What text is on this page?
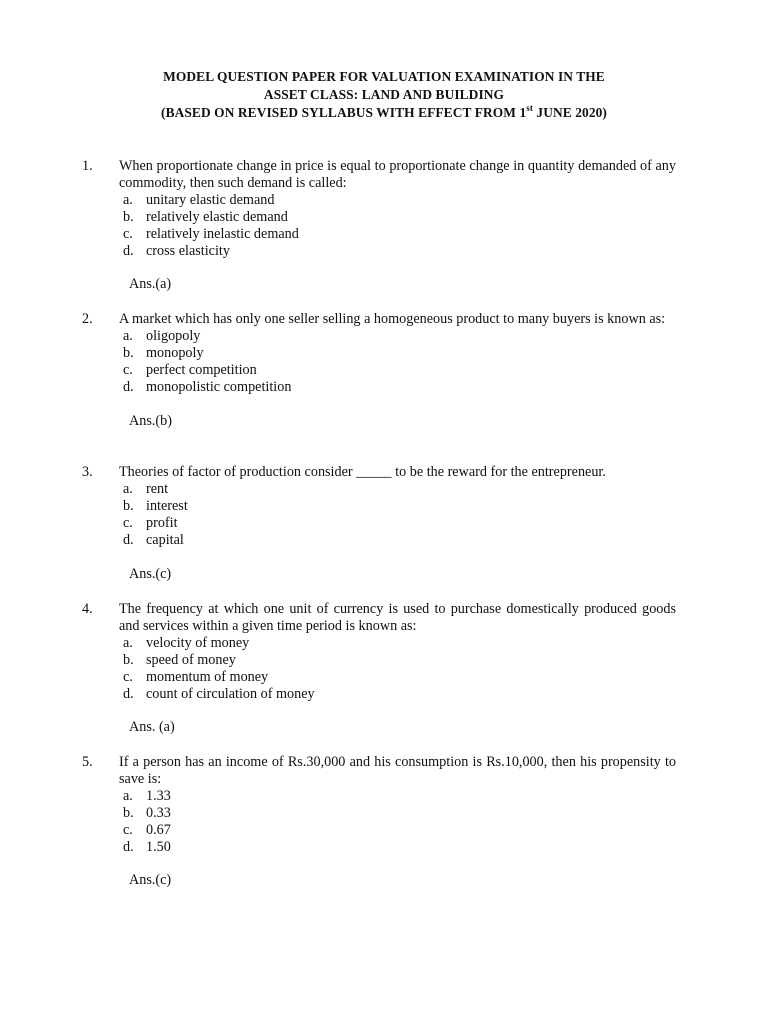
MODEL QUESTION PAPER FOR VALUATION EXAMINATION IN THE
ASSET CLASS: LAND AND BUILDING
(BASED ON REVISED SYLLABUS WITH EFFECT FROM 1st JUNE 2020)
1. When proportionate change in price is equal to proportionate change in quantity demanded of any commodity, then such demand is called:
a. unitary elastic demand
b. relatively elastic demand
c. relatively inelastic demand
d. cross elasticity
Ans.(a)
2. A market which has only one seller selling a homogeneous product to many buyers is known as:
a. oligopoly
b. monopoly
c. perfect competition
d. monopolistic competition
Ans.(b)
3. Theories of factor of production consider _____ to be the reward for the entrepreneur.
a. rent
b. interest
c. profit
d. capital
Ans.(c)
4. The frequency at which one unit of currency is used to purchase domestically produced goods and services within a given time period is known as:
a. velocity of money
b. speed of money
c. momentum of money
d. count of circulation of money
Ans. (a)
5. If a person has an income of Rs.30,000 and his consumption is Rs.10,000, then his propensity to save is:
a. 1.33
b. 0.33
c. 0.67
d. 1.50
Ans.(c)
